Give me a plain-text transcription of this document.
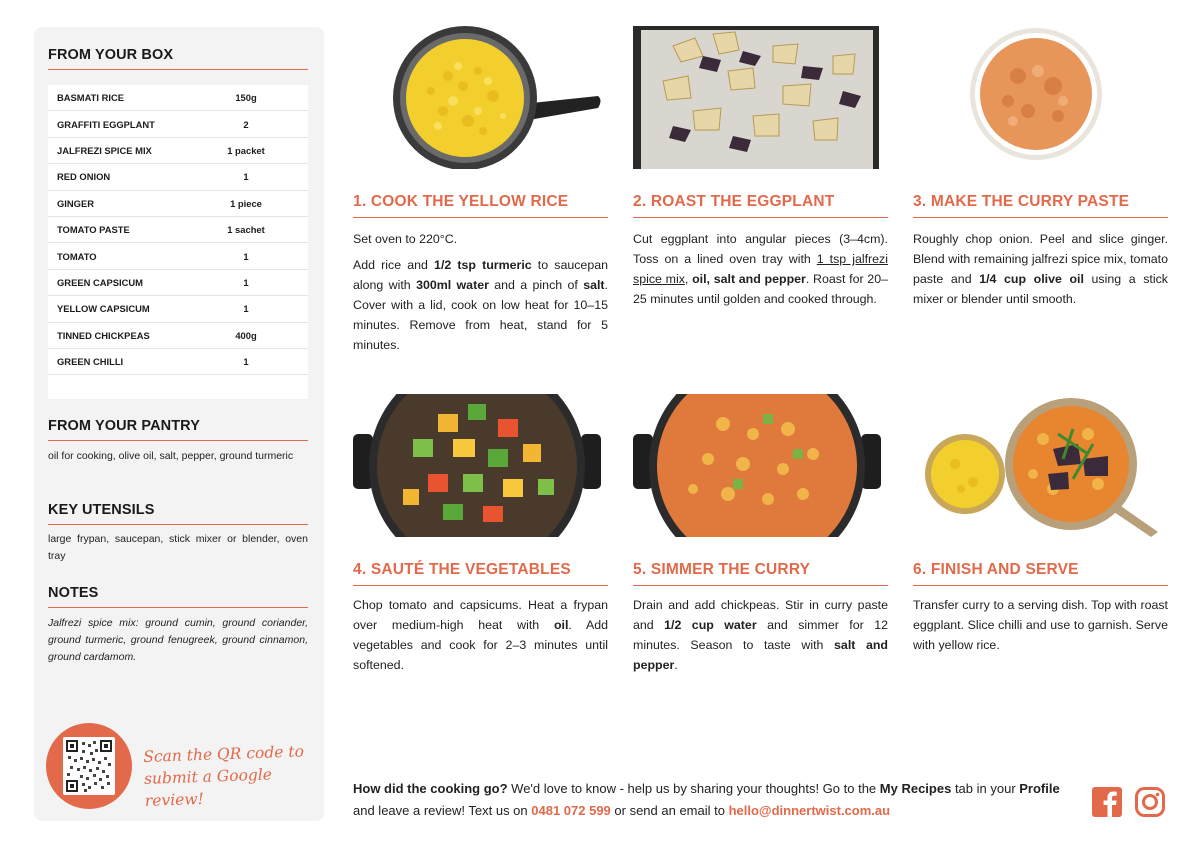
FROM YOUR BOX
BASMATI RICE	150g
GRAFFITI EGGPLANT	2
JALFREZI SPICE MIX	1 packet
RED ONION	1
GINGER	1 piece
TOMATO PASTE	1 sachet
TOMATO	1
GREEN CAPSICUM	1
YELLOW CAPSICUM	1
TINNED CHICKPEAS	400g
GREEN CHILLI	1
FROM YOUR PANTRY
oil for cooking, olive oil, salt, pepper, ground turmeric
KEY UTENSILS
large frypan, saucepan, stick mixer or blender, oven tray
NOTES
Jalfrezi spice mix: ground cumin, ground coriander, ground turmeric, ground fenugreek, ground cinnamon, ground cardamom.
Scan the QR code to submit a Google review!
1. COOK THE YELLOW RICE

Set oven to 220°C.

Add rice and 1/2 tsp turmeric to saucepan along with 300ml water and a pinch of salt. Cover with a lid, cook on low heat for 10–15 minutes. Remove from heat, stand for 5 minutes.

2. ROAST THE EGGPLANT

Cut eggplant into angular pieces (3–4cm). Toss on a lined oven tray with 1 tsp jalfrezi spice mix, oil, salt and pepper. Roast for 20–25 minutes until golden and cooked through.

3. MAKE THE CURRY PASTE

Roughly chop onion. Peel and slice ginger. Blend with remaining jalfrezi spice mix, tomato paste and 1/4 cup olive oil using a stick mixer or blender until smooth.

4. SAUTÉ THE VEGETABLES

Chop tomato and capsicums. Heat a frypan over medium-high heat with oil. Add vegetables and cook for 2–3 minutes until softened.

5. SIMMER THE CURRY

Drain and add chickpeas. Stir in curry paste and 1/2 cup water and simmer for 12 minutes. Season to taste with salt and pepper.

6. FINISH AND SERVE

Transfer curry to a serving dish. Top with roast eggplant. Slice chilli and use to garnish. Serve with yellow rice.

How did the cooking go? We'd love to know - help us by sharing your thoughts! Go to the My Recipes tab in your Profile and leave a review! Text us on 0481 072 599 or send an email to hello@dinnertwist.com.au
